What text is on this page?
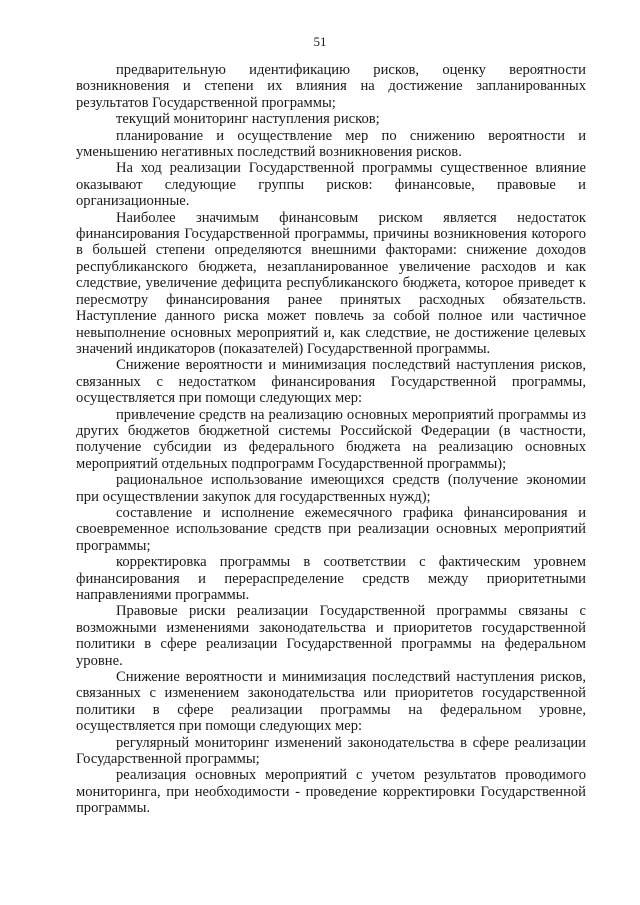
51

предварительную идентификацию рисков, оценку вероятности возникновения и степени их влияния на достижение запланированных результатов Государственной программы;

текущий мониторинг наступления рисков;

планирование и осуществление мер по снижению вероятности и уменьшению негативных последствий возникновения рисков.

На ход реализации Государственной программы существенное влияние оказывают следующие группы рисков: финансовые, правовые и организационные.

Наиболее значимым финансовым риском является недостаток финансирования Государственной программы, причины возникновения которого в большей степени определяются внешними факторами: снижение доходов республиканского бюджета, незапланированное увеличение расходов и как следствие, увеличение дефицита республиканского бюджета, которое приведет к пересмотру финансирования ранее принятых расходных обязательств. Наступление данного риска может повлечь за собой полное или частичное невыполнение основных мероприятий и, как следствие, не достижение целевых значений индикаторов (показателей) Государственной программы.

Снижение вероятности и минимизация последствий наступления рисков, связанных с недостатком финансирования Государственной программы, осуществляется при помощи следующих мер:

привлечение средств на реализацию основных мероприятий программы из других бюджетов бюджетной системы Российской Федерации (в частности, получение субсидии из федерального бюджета на реализацию основных мероприятий отдельных подпрограмм Государственной программы);

рациональное использование имеющихся средств (получение экономии при осуществлении закупок для государственных нужд);

составление и исполнение ежемесячного графика финансирования и своевременное использование средств при реализации основных мероприятий программы;

корректировка программы в соответствии с фактическим уровнем финансирования и перераспределение средств между приоритетными направлениями программы.

Правовые риски реализации Государственной программы связаны с возможными изменениями законодательства и приоритетов государственной политики в сфере реализации Государственной программы на федеральном уровне.

Снижение вероятности и минимизация последствий наступления рисков, связанных с изменением законодательства или приоритетов государственной политики в сфере реализации программы на федеральном уровне, осуществляется при помощи следующих мер:

регулярный мониторинг изменений законодательства в сфере реализации Государственной программы;

реализация основных мероприятий с учетом результатов проводимого мониторинга, при необходимости - проведение корректировки Государственной программы.
